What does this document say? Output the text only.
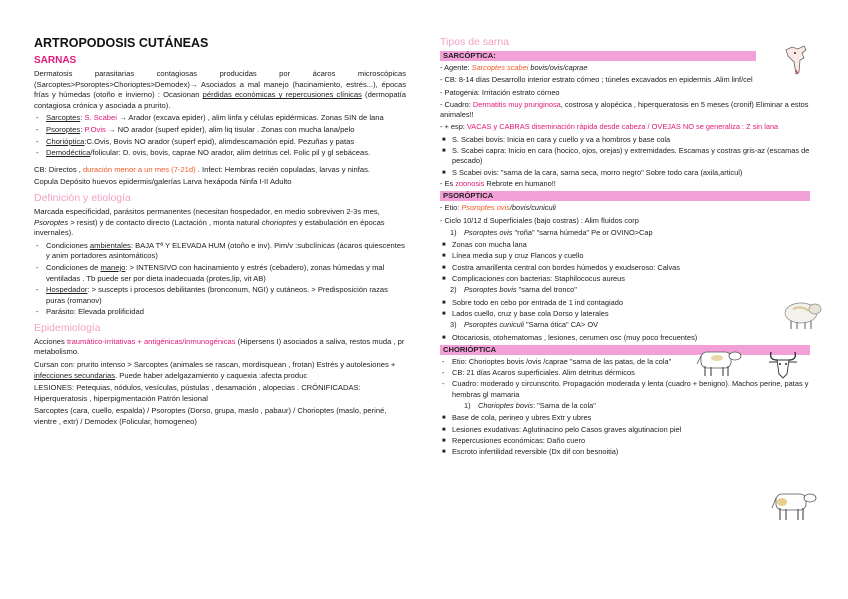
ARTROPODOSIS CUTÁNEAS
SARNAS
Dermatosis parasitarias contagiosas producidas por ácaros microscópicas (Sarcoptes>Psoroptes>Chorioptes>Demodex)→ Asociados a mal manejo (hacinamiento, estrés...), épocas frías y húmedas (otoño e invierno) : Ocasionan pérdidas económicas y repercusiones clínicas (dermopatía contagiosa crónica y asociada a prurito).
- Sarcoptes: S. Scabei → Arador (excava epider) , alim linfa y células epidérmicas. Zonas SIN de lana
- Psoroptes: P.Ovis → NO arador (superf epider), alim liq tisular . Zonas con mucha lana/pelo
- Chorióptica:C.Ovis, Bovis NO arador (superf epid), alimdescamación epid. Pezuñas y patas
- Demodéctica/folicular: D. ovis, bovis, caprae NO arador, alim detritus cel. Folic pil y gl sebáceas.
CB: Directos , duración menor a un mes (7-21d) . Infect: Hembras recién copuladas, larvas y ninfas.
Copula Depósito huevos epidermis/galerías Larva hexápoda Ninfa I-II Adulto
Definición y etiología
Marcada especificidad, parásitos permanentes (necesitan hospedador, en medio sobreviven 2-3s mes, Psoroptes > resist) y de contacto directo (Lactación , monta natural chorioptes y estabulación en épocas invernales).
- Condiciones ambientales: BAJA Tª Y ELEVADA HUM (otoño e inv). Pim/v :subclínicas (ácaros quiescentes y anim portadores asintomáticos)
- Condiciones de manejo: > INTENSIVO con hacinamiento y estrés (cebadero), zonas húmedas y mal ventiladas . Tb puede ser por dieta inadecuada (protes,lip, vit AB)
- Hospedador: > suscepts i procesos debilitantes (bronconum, NGI) y cutáneos. > Predisposición razas puras (romanov)
- Parásito: Elevada prolificidad
Epidemiología
Acciones traumático-irritativas + antigénicas/inmunogénicas (Hipersens I) asociados a saliva, restos muda , pr metabolismo.
Cursan con: prurito intenso > Sarcoptes (animales se rascan, mordisquean , frotan) Estrés y autolesiones + infecciones secundarias. Puede haber adelgazamiento y caquexia :afecta produc
LESIONES: Petequias, nódulos, vesículas, pústulas , desamación , alopecias . CRÓNIFICADAS: Hiperqueratosis , hiperpigmentación Patrón lesional
Sarcoptes (cara, cuello, espalda) / Psoroptes (Dorso, grupa, maslo , pabaur) / Chorioptes (maslo, periné, vientre , extr) / Demodex (Folicular, homogeneo)
Tipos de sarna
SARCÓPTICA:
- Agente: Sarcoptes scabei bovis/ovis/caprae
- CB: 8-14 días Desarrollo interior estrato córneo ; túneles excavados en epidermis .Alim linf/cel
- Patogenia: Irritación estrato córneo
- Cuadro: Dermatitis muy pruriginosa, costrosa y alopécica , hiperqueratosis en 5 meses (cronif) Eliminar a estos animales!!
- + esp: VACAS y CABRAS diseminación rápida desde cabeza / OVEJAS NO se generaliza : Z sin lana
■ S. Scabei bovis: Inicia en cara y cuello y va a hombros y base cola
■ S. Scabei capra: Inicio en cara (hocico, ojos, orejas) y extremidades. Escamas y costras gris-az (escamas de pescado)
■ S Scabei ovis: "sarna de la cara, sarna seca, morro negro" Sobre todo cara (axila,articul)
- Es zoonosis Rebrote en humano!!
PSORÓPTICA
- Etio: Psoroptes ovis/bovis/cuniculi
- Ciclo 10/12 d Superficiales (bajo costras) : Alim fluidos corp
1) Psoroptes ovis "roña" "sarna húmeda" Pe or OVINO>Cap
■ Zonas con mucha lana
■ Línea media sup y cruz Flancos y cuello
■ Costra amarillenta central con bordes húmedos y exudseroso: Calvas
■ Complicaciones con bacterias: Staphilococus aureus
2) Psoroptes bovis "sarna del tronco"
■ Sobre todo en cebo por entrada de 1 ind contagiado
■ Lados cuello, cruz y base cola Dorso y laterales
3) Psoroptes cuniculi "Sarna ótica" CA> OV
■ Otocariosis, otohematomas , lesiones, cerumen osc (muy poco frecuentes)
CHORIÓPTICA
- Etio: Chorioptes bovis /ovis /caprae "sarna de las patas, de la cola"
- CB: 21 días Acaros superficiales. Alim detritus dérmicos
- Cuadro: moderado y circunscrito. Propagación moderada y lenta (cuadro + benigno). Machos perine, patas y hembras gl mamaria
1) Chorioptes bovis: "Sarna de la cola"
■ Base de cola, perineo y ubres Extr y ubres
■ Lesiones exudativas: Aglutinacino pelo Casos graves algutinacion piel
■ Repercusiones económicas: Daño cuero
■ Escroto infertilidad reversible (Dx dif con besnoitia)
